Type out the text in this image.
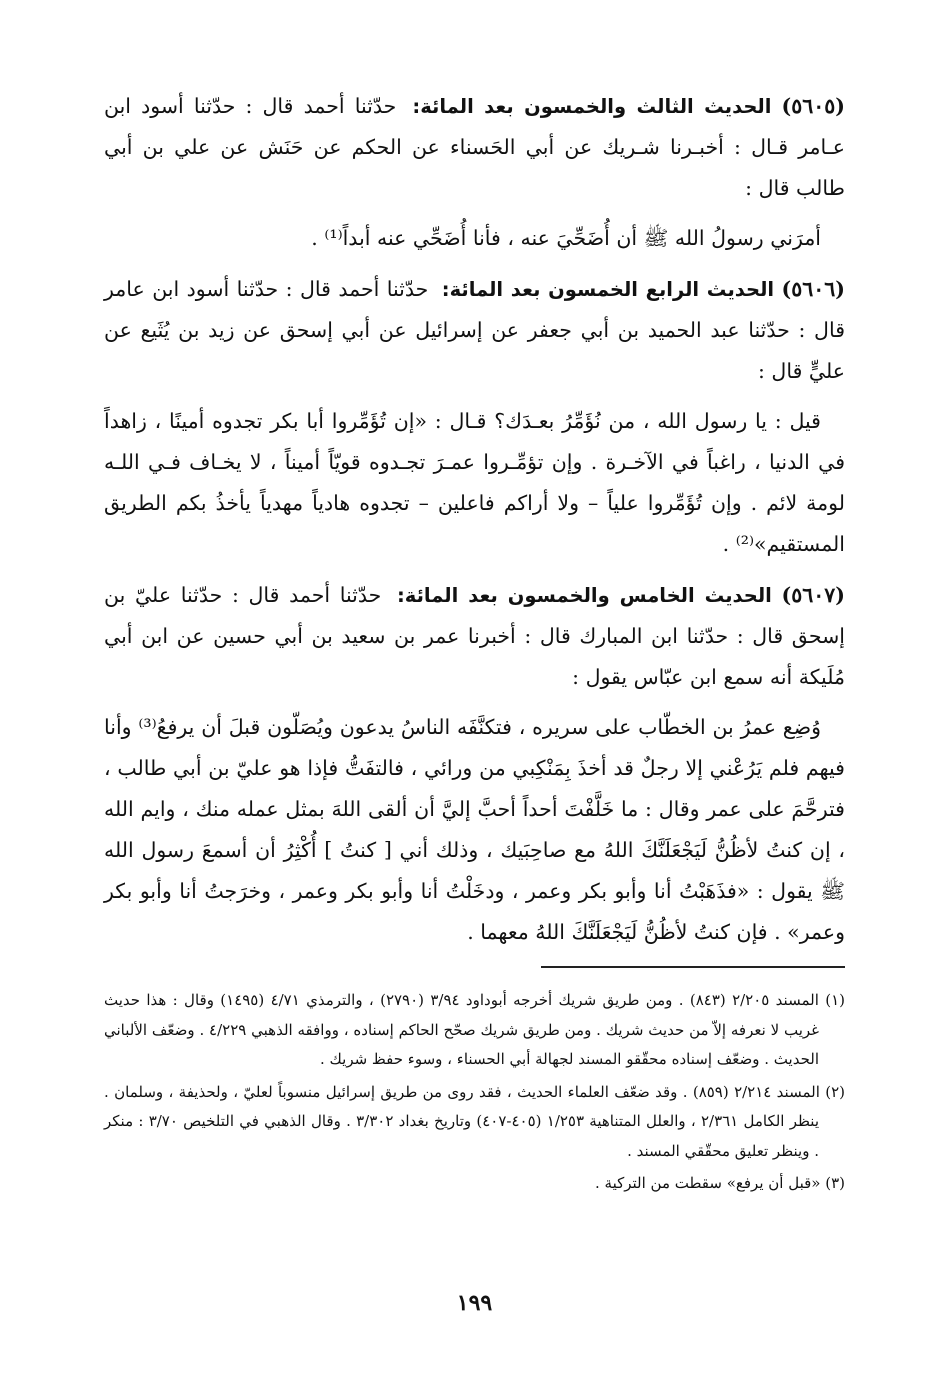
(٥٦٠٥) الحديث الثالث والخمسون بعد المائة: حدّثنا أحمد قال : حدّثنا أسود ابن عـامر قـال : أخبـرنا شـريك عن أبي الحَسناء عن الحكم عن حَنَش عن علي بن أبي طالب قال :

أمرَني رسولُ الله ﷺ أن أُضَحِّيَ عنه ، فأنا أُضَحِّي عنه أبداً⁽¹⁾ .

(٥٦٠٦) الحديث الرابع الخمسون بعد المائة: حدّثنا أحمد قال : حدّثنا أسود ابن عامر قال : حدّثنا عبد الحميد بن أبي جعفر عن إسرائيل عن أبي إسحق عن زيد بن يُثَيع عن عليٍّ قال :

قيل : يا رسول الله ، من نُؤَمِّرُ بعـدَك؟ قـال : «إن تُؤَمِّروا أبا بكر تجدوه أمينًا ، زاهداً في الدنيا ، راغباً في الآخـرة . وإن تؤمِّـروا عمـرَ تجـدوه قويّاً أميناً ، لا يخـاف فـي اللـه لومة لائم . وإن تُؤَمِّروا علياً – ولا أراكم فاعلين – تجدوه هادياً مهدياً يأخذُ بكم الطريق المستقيم»⁽²⁾ .

(٥٦٠٧) الحديث الخامس والخمسون بعد المائة: حدّثنا أحمد قال : حدّثنا عليّ بن إسحق قال : حدّثنا ابن المبارك قال : أخبرنا عمر بن سعيد بن أبي حسين عن ابن أبي مُلَيكة أنه سمع ابن عبّاس يقول :

وُضِع عمرُ بن الخطّاب على سريره ، فتكنَّفَه الناسُ يدعون ويُصَلّون قبلَ أن يرفعُ⁽³⁾ وأنا فيهم فلم يَرُعْني إلا رجلٌ قد أخذَ بِمَنْكِبي من ورائي ، فالتفَتُّ فإذا هو عليّ بن أبي طالب ، فترحَّمَ على عمر وقال : ما خَلَّفْتَ أحداً أحبَّ إليَّ أن ألقى اللهَ بمثل عمله منك ، وايم الله ، إن كنتُ لأظُنُّ لَيَجْعَلَنَّكَ اللهُ مع صاحِبَيك ، وذلك أني [ كنتُ ] أُكْثِرُ أن أسمعَ رسول الله ﷺ يقول : «فذَهَبْتُ أنا وأبو بكر وعمر ، ودخَلْتُ أنا وأبو بكر وعمر ، وخرَجتُ أنا وأبو بكر وعمر» . فإن كنتُ لأظُنُّ لَيَجْعَلَنَّكَ اللهُ معهما .

(١) المسند ٢/٢٠٥ (٨٤٣) . ومن طريق شريك أخرجه أبوداود ٣/٩٤ (٢٧٩٠) ، والترمذي ٤/٧١ (١٤٩٥) وقال : هذا حديث غريب لا نعرفه إلاّ من حديث شريك . ومن طريق شريك صحّح الحاكم إسناده ، ووافقه الذهبي ٤/٢٢٩ . وضعّف الألباني الحديث . وضعّف إسناده محقّقو المسند لجهالة أبي الحسناء ، وسوء حفظ شريك .

(٢) المسند ٢/٢١٤ (٨٥٩) . وقد ضعّف العلماء الحديث ، فقد روى من طريق إسرائيل منسوباً لعليّ ، ولحذيفة ، وسلمان . ينظر الكامل ٢/٣٦١ ، والعلل المتناهية ١/٢٥٣ (٤٠٥-٤٠٧) وتاريخ بغداد ٣/٣٠٢ . وقال الذهبي في التلخيص ٣/٧٠ : منكر . وينظر تعليق محقّقي المسند .

(٣) «قبل أن يرفع» سقطت من التركية .

١٩٩
